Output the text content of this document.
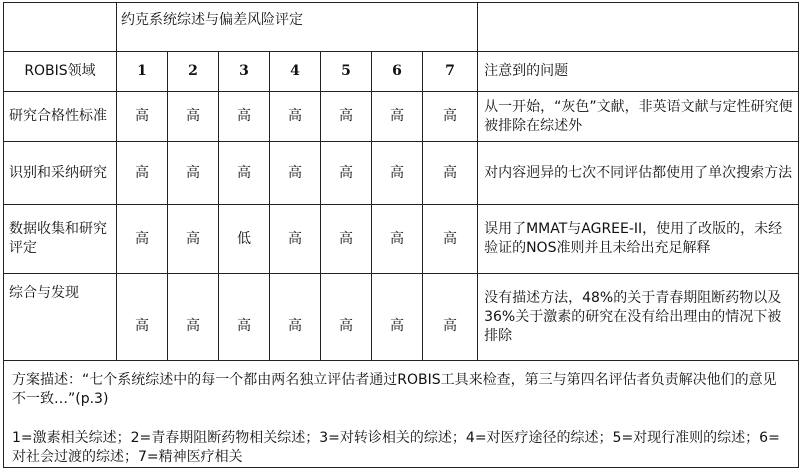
	约克系统综述与偏差风险评定							
ROBIS领域	1	2	3	4	5	6	7	注意到的问题
研究合格性标准	高	高	高	高	高	高	高	从一开始，“灰色”文献，非英语文献与定性研究便被排除在综述外
识别和采纳研究	高	高	高	高	高	高	高	对内容迥异的七次不同评估都使用了单次搜索方法
数据收集和研究评定	高	高	低	高	高	高	高	误用了MMAT与AGREE-II，使用了改版的，未经验证的NOS准则并且未给出充足解释
综合与发现	高	高	高	高	高	高	高	没有描述方法，48%的关于青春期阻断药物以及36%关于激素的研究在没有给出理由的情况下被排除

方案描述：“七个系统综述中的每一个都由两名独立评估者通过ROBIS工具来检查，第三与第四名评估者负责解决他们的意见不一致…”(p.3)

1=激素相关综述；2=青春期阻断药物相关综述；3=对转诊相关的综述；4=对医疗途径的综述；5=对现行准则的综述；6=对社会过渡的综述；7=精神医疗相关								
